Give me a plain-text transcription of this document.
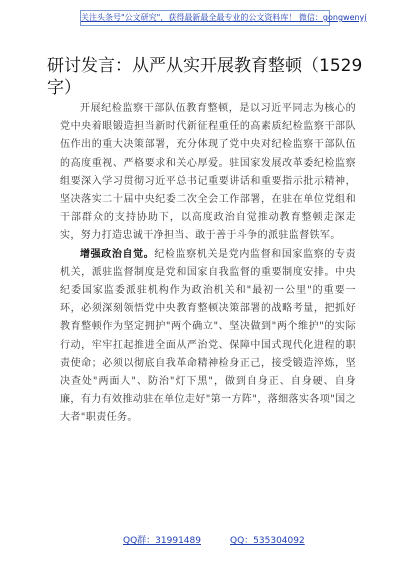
关注头条号"公文研究"，获得最新最全最专业的公文资料库！ 微信：gongwenyj
研讨发言：从严从实开展教育整顿（1529字）

开展纪检监察干部队伍教育整顿，是以习近平同志为核心的党中央着眼锻造担当新时代新征程重任的高素质纪检监察干部队伍作出的重大决策部署，充分体现了党中央对纪检监察干部队伍的高度重视、严格要求和关心厚爱。驻国家发展改革委纪检监察组要深入学习贯彻习近平总书记重要讲话和重要指示批示精神，坚决落实二十届中央纪委二次全会工作部署，在驻在单位党组和干部群众的支持协助下，以高度政治自觉推动教育整顿走深走实，努力打造忠诚干净担当、敢于善于斗争的派驻监督铁军。

增强政治自觉。纪检监察机关是党内监督和国家监察的专责机关，派驻监督制度是党和国家自我监督的重要制度安排。中央纪委国家监委派驻机构作为政治机关和"最初一公里"的重要一环，必须深刻领悟党中央教育整顿决策部署的战略考量，把抓好教育整顿作为坚定拥护"两个确立"、坚决做到"两个维护"的实际行动，牢牢扛起推进全面从严治党、保障中国式现代化进程的职责使命；必须以彻底自我革命精神检身正己，接受锻造淬炼，坚决查处"两面人"、防治"灯下黑"，做到自身正、自身硬、自身廉，有力有效推动驻在单位走好"第一方阵"，落细落实各项"国之大者"职责任务。

QQ群：31991489	QQ：535304092
